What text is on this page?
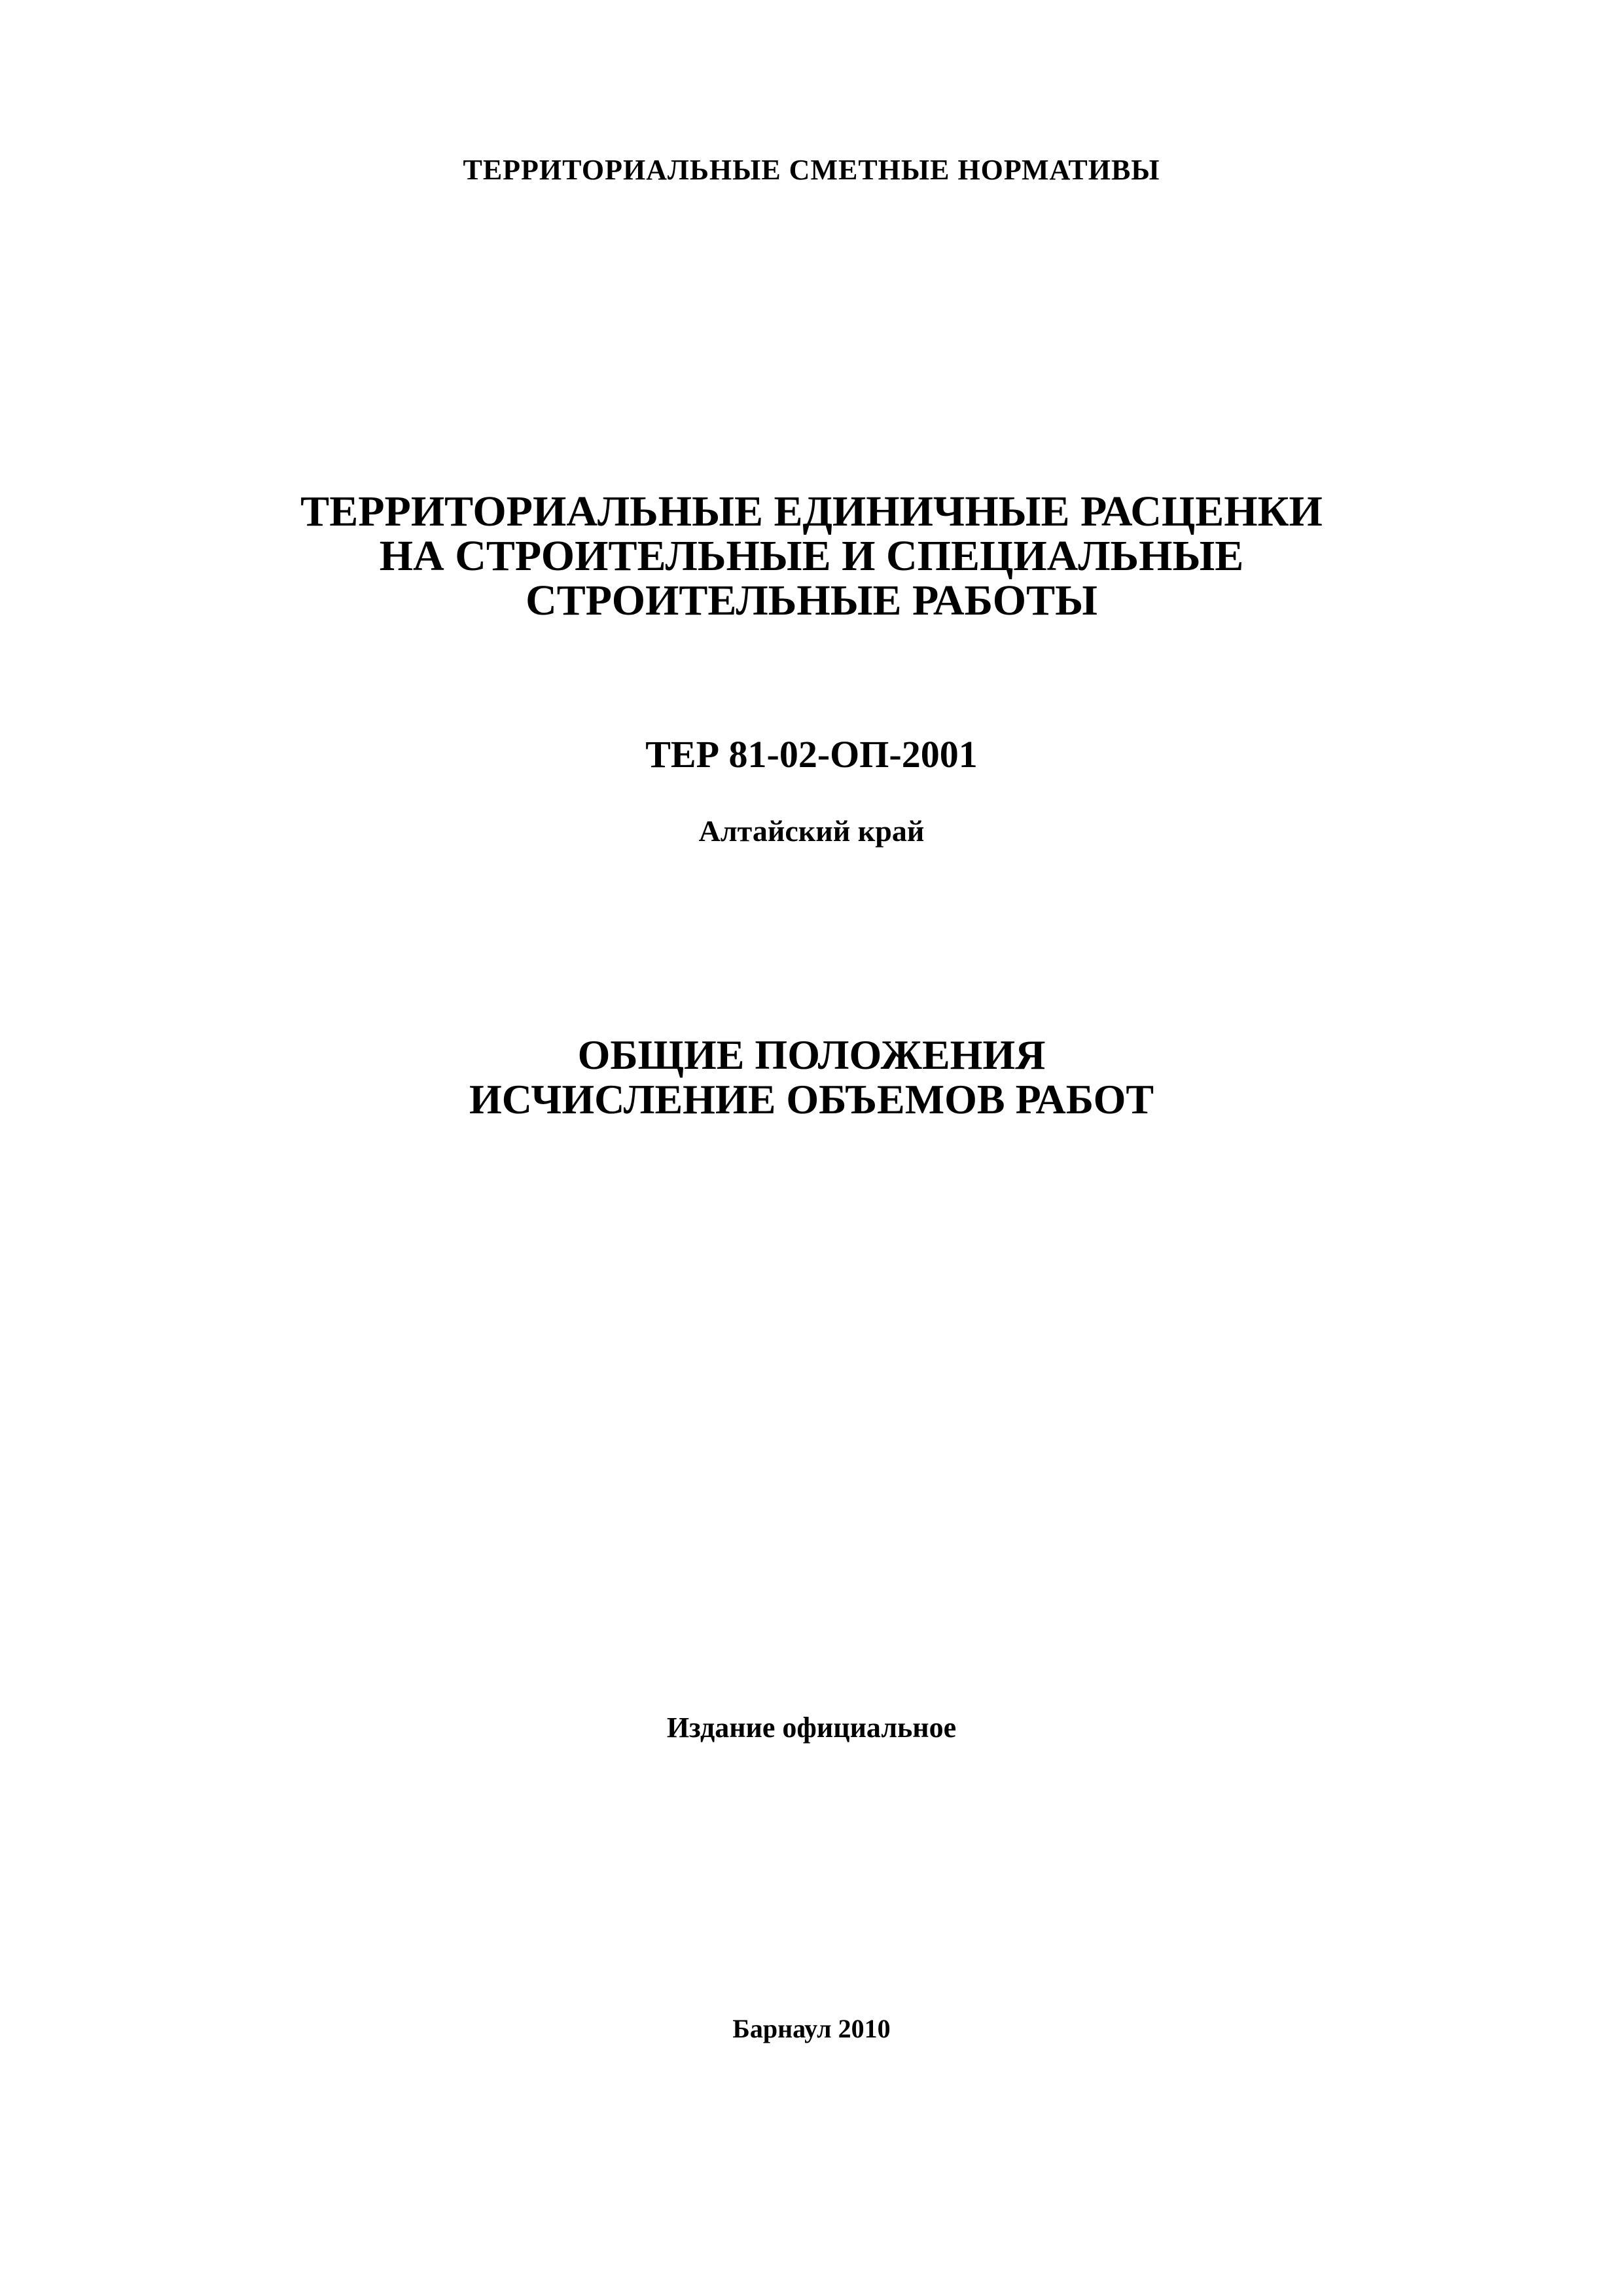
ТЕРРИТОРИАЛЬНЫЕ СМЕТНЫЕ НОРМАТИВЫ
ТЕРРИТОРИАЛЬНЫЕ ЕДИНИЧНЫЕ РАСЦЕНКИ
НА СТРОИТЕЛЬНЫЕ И СПЕЦИАЛЬНЫЕ
СТРОИТЕЛЬНЫЕ РАБОТЫ
ТЕР 81-02-ОП-2001
Алтайский край
ОБЩИЕ ПОЛОЖЕНИЯ
ИСЧИСЛЕНИЕ ОБЪЕМОВ РАБОТ
Издание официальное
Барнаул 2010
